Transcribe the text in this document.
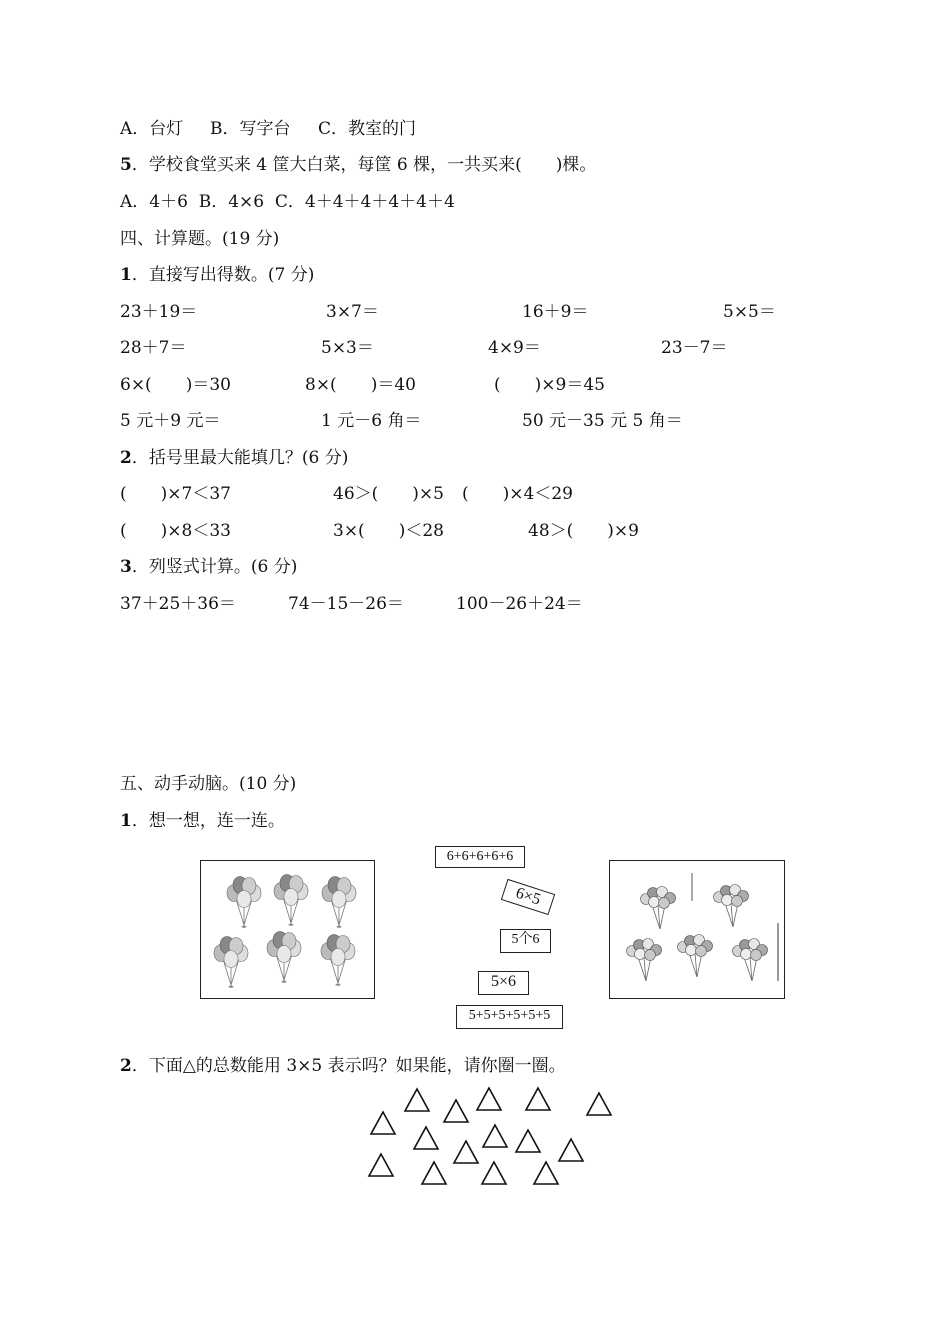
A．台灯 B．写字台 C．教室的门
5．学校食堂买来 4 筐大白菜，每筐 6 棵，一共买来(　　)棵。
A．4＋6  B．4×6  C．4＋4＋4＋4＋4＋4
四、计算题。(19 分)
1．直接写出得数。(7 分)
23＋19＝	3×7＝	16＋9＝	5×5＝
28＋7＝	5×3＝	4×9＝	23－7＝
6×(　　)＝30	8×(　　)＝40	(　　)×9＝45
5 元＋9 元＝	1 元－6 角＝	50 元－35 元 5 角＝
2．括号里最大能填几？(6 分)
(　　)×7＜37	46＞(　　)×5 (　　)×4＜29
(　　)×8＜33	3×(　　)＜28	48＞(　　)×9
3．列竖式计算。(6 分)
37＋25＋36＝	74－15－26＝	100－26＋24＝
五、动手动脑。(10 分)
1．想一想，连一连。
6+6+6+6+6
6×5
5个6
5×6
5+5+5+5+5+5
2．下面△的总数能用 3×5 表示吗？如果能，请你圈一圈。
